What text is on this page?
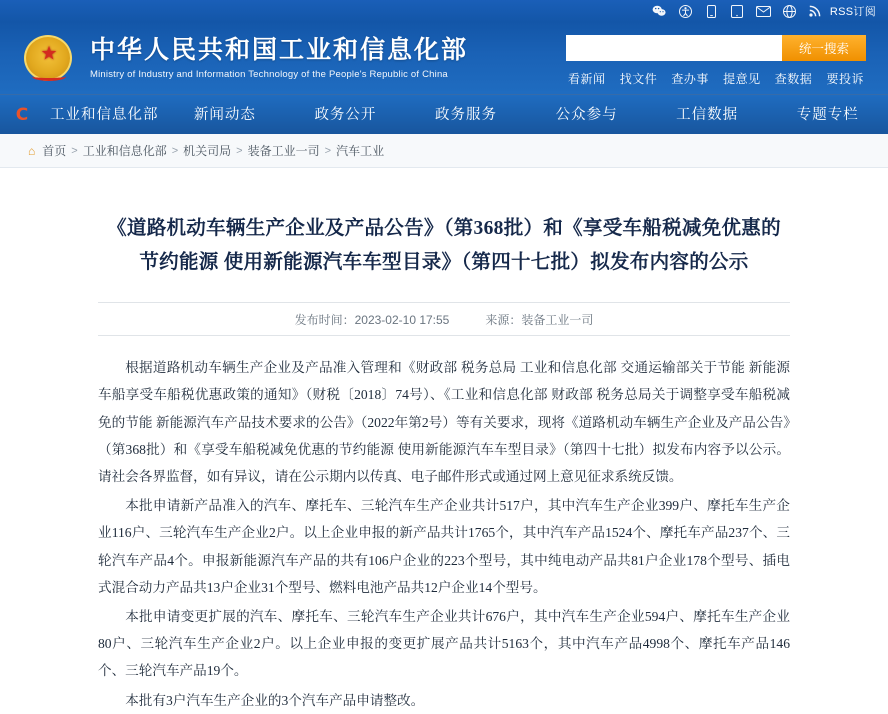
RSS订阅
★ 中华人民共和国工业和信息化部
Ministry of Industry and Information Technology of the People's Republic of China
统一搜索
看新闻 找文件 查办事 提意见 查数据 要投诉
C	工业和信息化部	新闻动态	政务公开	政务服务	公众参与	工信数据	专题专栏
⌂ 首页 > 工业和信息化部 > 机关司局 > 装备工业一司 > 汽车工业
《道路机动车辆生产企业及产品公告》（第368批）和《享受车船税减免优惠的节约能源 使用新能源汽车车型目录》（第四十七批）拟发布内容的公示
发布时间：2023-02-10 17:55	来源：装备工业一司

根据道路机动车辆生产企业及产品准入管理和《财政部 税务总局 工业和信息化部 交通运输部关于节能 新能源车船享受车船税优惠政策的通知》（财税〔2018〕74号）、《工业和信息化部 财政部 税务总局关于调整享受车船税减免的节能 新能源汽车产品技术要求的公告》（2022年第2号）等有关要求，现将《道路机动车辆生产企业及产品公告》（第368批）和《享受车船税减免优惠的节约能源 使用新能源汽车车型目录》（第四十七批）拟发布内容予以公示。请社会各界监督，如有异议，请在公示期内以传真、电子邮件形式或通过网上意见征求系统反馈。

本批申请新产品准入的汽车、摩托车、三轮汽车生产企业共计517户，其中汽车生产企业399户、摩托车生产企业116户、三轮汽车生产企业2户。以上企业申报的新产品共计1765个，其中汽车产品1524个、摩托车产品237个、三轮汽车产品4个。申报新能源汽车产品的共有106户企业的223个型号，其中纯电动产品共81户企业178个型号、插电式混合动力产品共13户企业31个型号、燃料电池产品共12户企业14个型号。

本批申请变更扩展的汽车、摩托车、三轮汽车生产企业共计676户，其中汽车生产企业594户、摩托车生产企业80户、三轮汽车生产企业2户。以上企业申报的变更扩展产品共计5163个，其中汽车产品4998个、摩托车产品146个、三轮汽车产品19个。

本批有3户汽车生产企业的3个汽车产品申请整改。
